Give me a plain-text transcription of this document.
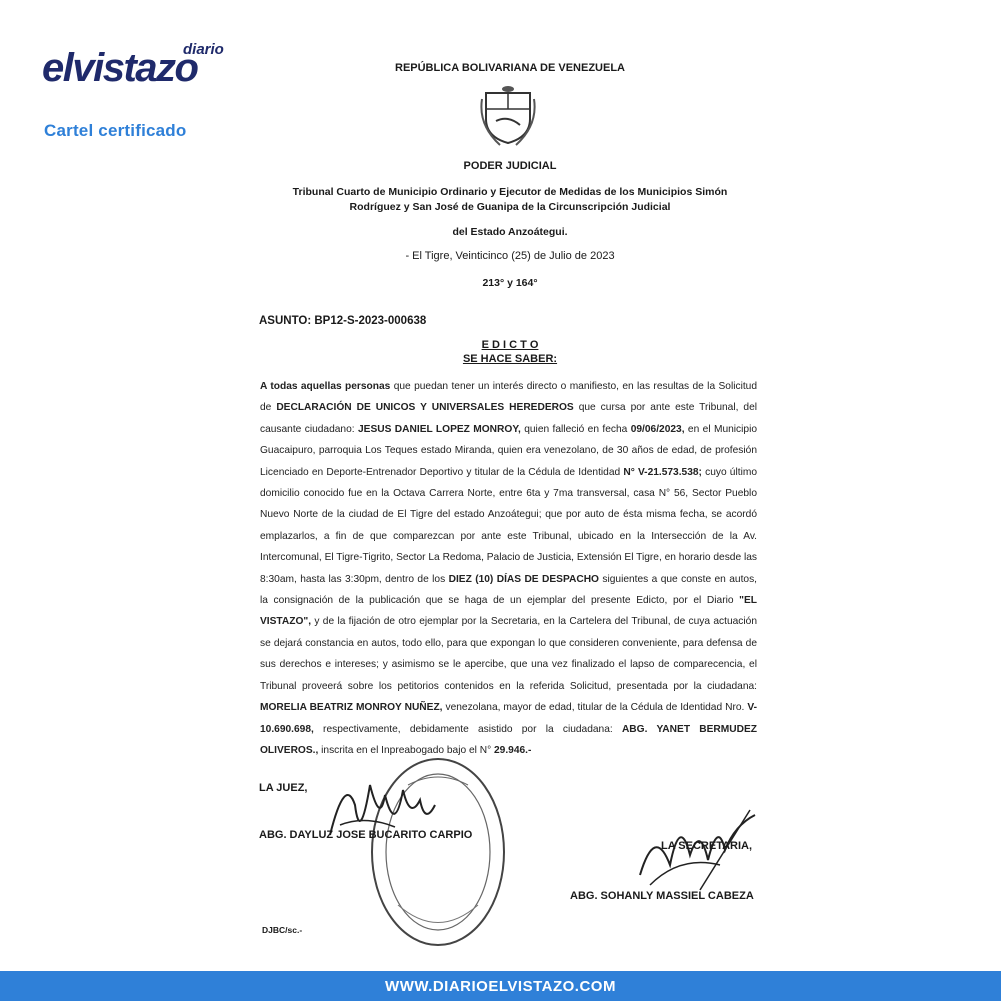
diario
elvistazo
Cartel certificado
REPÚBLICA BOLIVARIANA DE VENEZUELA
PODER JUDICIAL
Tribunal Cuarto de Municipio Ordinario y Ejecutor de Medidas de los Municipios Simón
Rodríguez y San José de Guanipa de la Circunscripción Judicial
del Estado Anzoátegui.
- El Tigre, Veinticinco (25) de Julio de 2023
213° y 164°
ASUNTO: BP12-S-2023-000638
E D I C T O
SE HACE SABER:
A todas aquellas personas que puedan tener un interés directo o manifiesto, en las resultas de la Solicitud de DECLARACIÓN DE UNICOS Y UNIVERSALES HEREDEROS que cursa por ante este Tribunal, del causante ciudadano: JESUS DANIEL LOPEZ MONROY, quien falleció en fecha 09/06/2023, en el Municipio Guacaipuro, parroquia Los Teques estado Miranda, quien era venezolano, de 30 años de edad, de profesión Licenciado en Deporte-Entrenador Deportivo y titular de la Cédula de Identidad N° V-21.573.538; cuyo último domicilio conocido fue en la Octava Carrera Norte, entre 6ta y 7ma transversal, casa N° 56, Sector Pueblo Nuevo Norte de la ciudad de El Tigre del estado Anzoátegui; que por auto de ésta misma fecha, se acordó emplazarlos, a fin de que comparezcan por ante este Tribunal, ubicado en la Intersección de la Av. Intercomunal, El Tigre-Tigrito, Sector La Redoma, Palacio de Justicia, Extensión El Tigre, en horario desde las 8:30am, hasta las 3:30pm, dentro de los DIEZ (10) DÍAS DE DESPACHO siguientes a que conste en autos, la consignación de la publicación que se haga de un ejemplar del presente Edicto, por el Diario "EL VISTAZO", y de la fijación de otro ejemplar por la Secretaria, en la Cartelera del Tribunal, de cuya actuación se dejará constancia en autos, todo ello, para que expongan lo que consideren conveniente, para defensa de sus derechos e intereses; y asimismo se le apercibe, que una vez finalizado el lapso de comparecencia, el Tribunal proveerá sobre los petitorios contenidos en la referida Solicitud, presentada por la ciudadana: MORELIA BEATRIZ MONROY NUÑEZ, venezolana, mayor de edad, titular de la Cédula de Identidad Nro. V-10.690.698, respectivamente, debidamente asistido por la ciudadana: ABG. YANET BERMUDEZ OLIVEROS., inscrita en el Inpreabogado bajo el N° 29.946.-
LA JUEZ,
ABG. DAYLUZ JOSE BUCARITO CARPIO
LA SECRETARIA,
ABG. SOHANLY MASSIEL CABEZA
DJBC/sc.-
WWW.DIARIOELVISTAZO.COM
